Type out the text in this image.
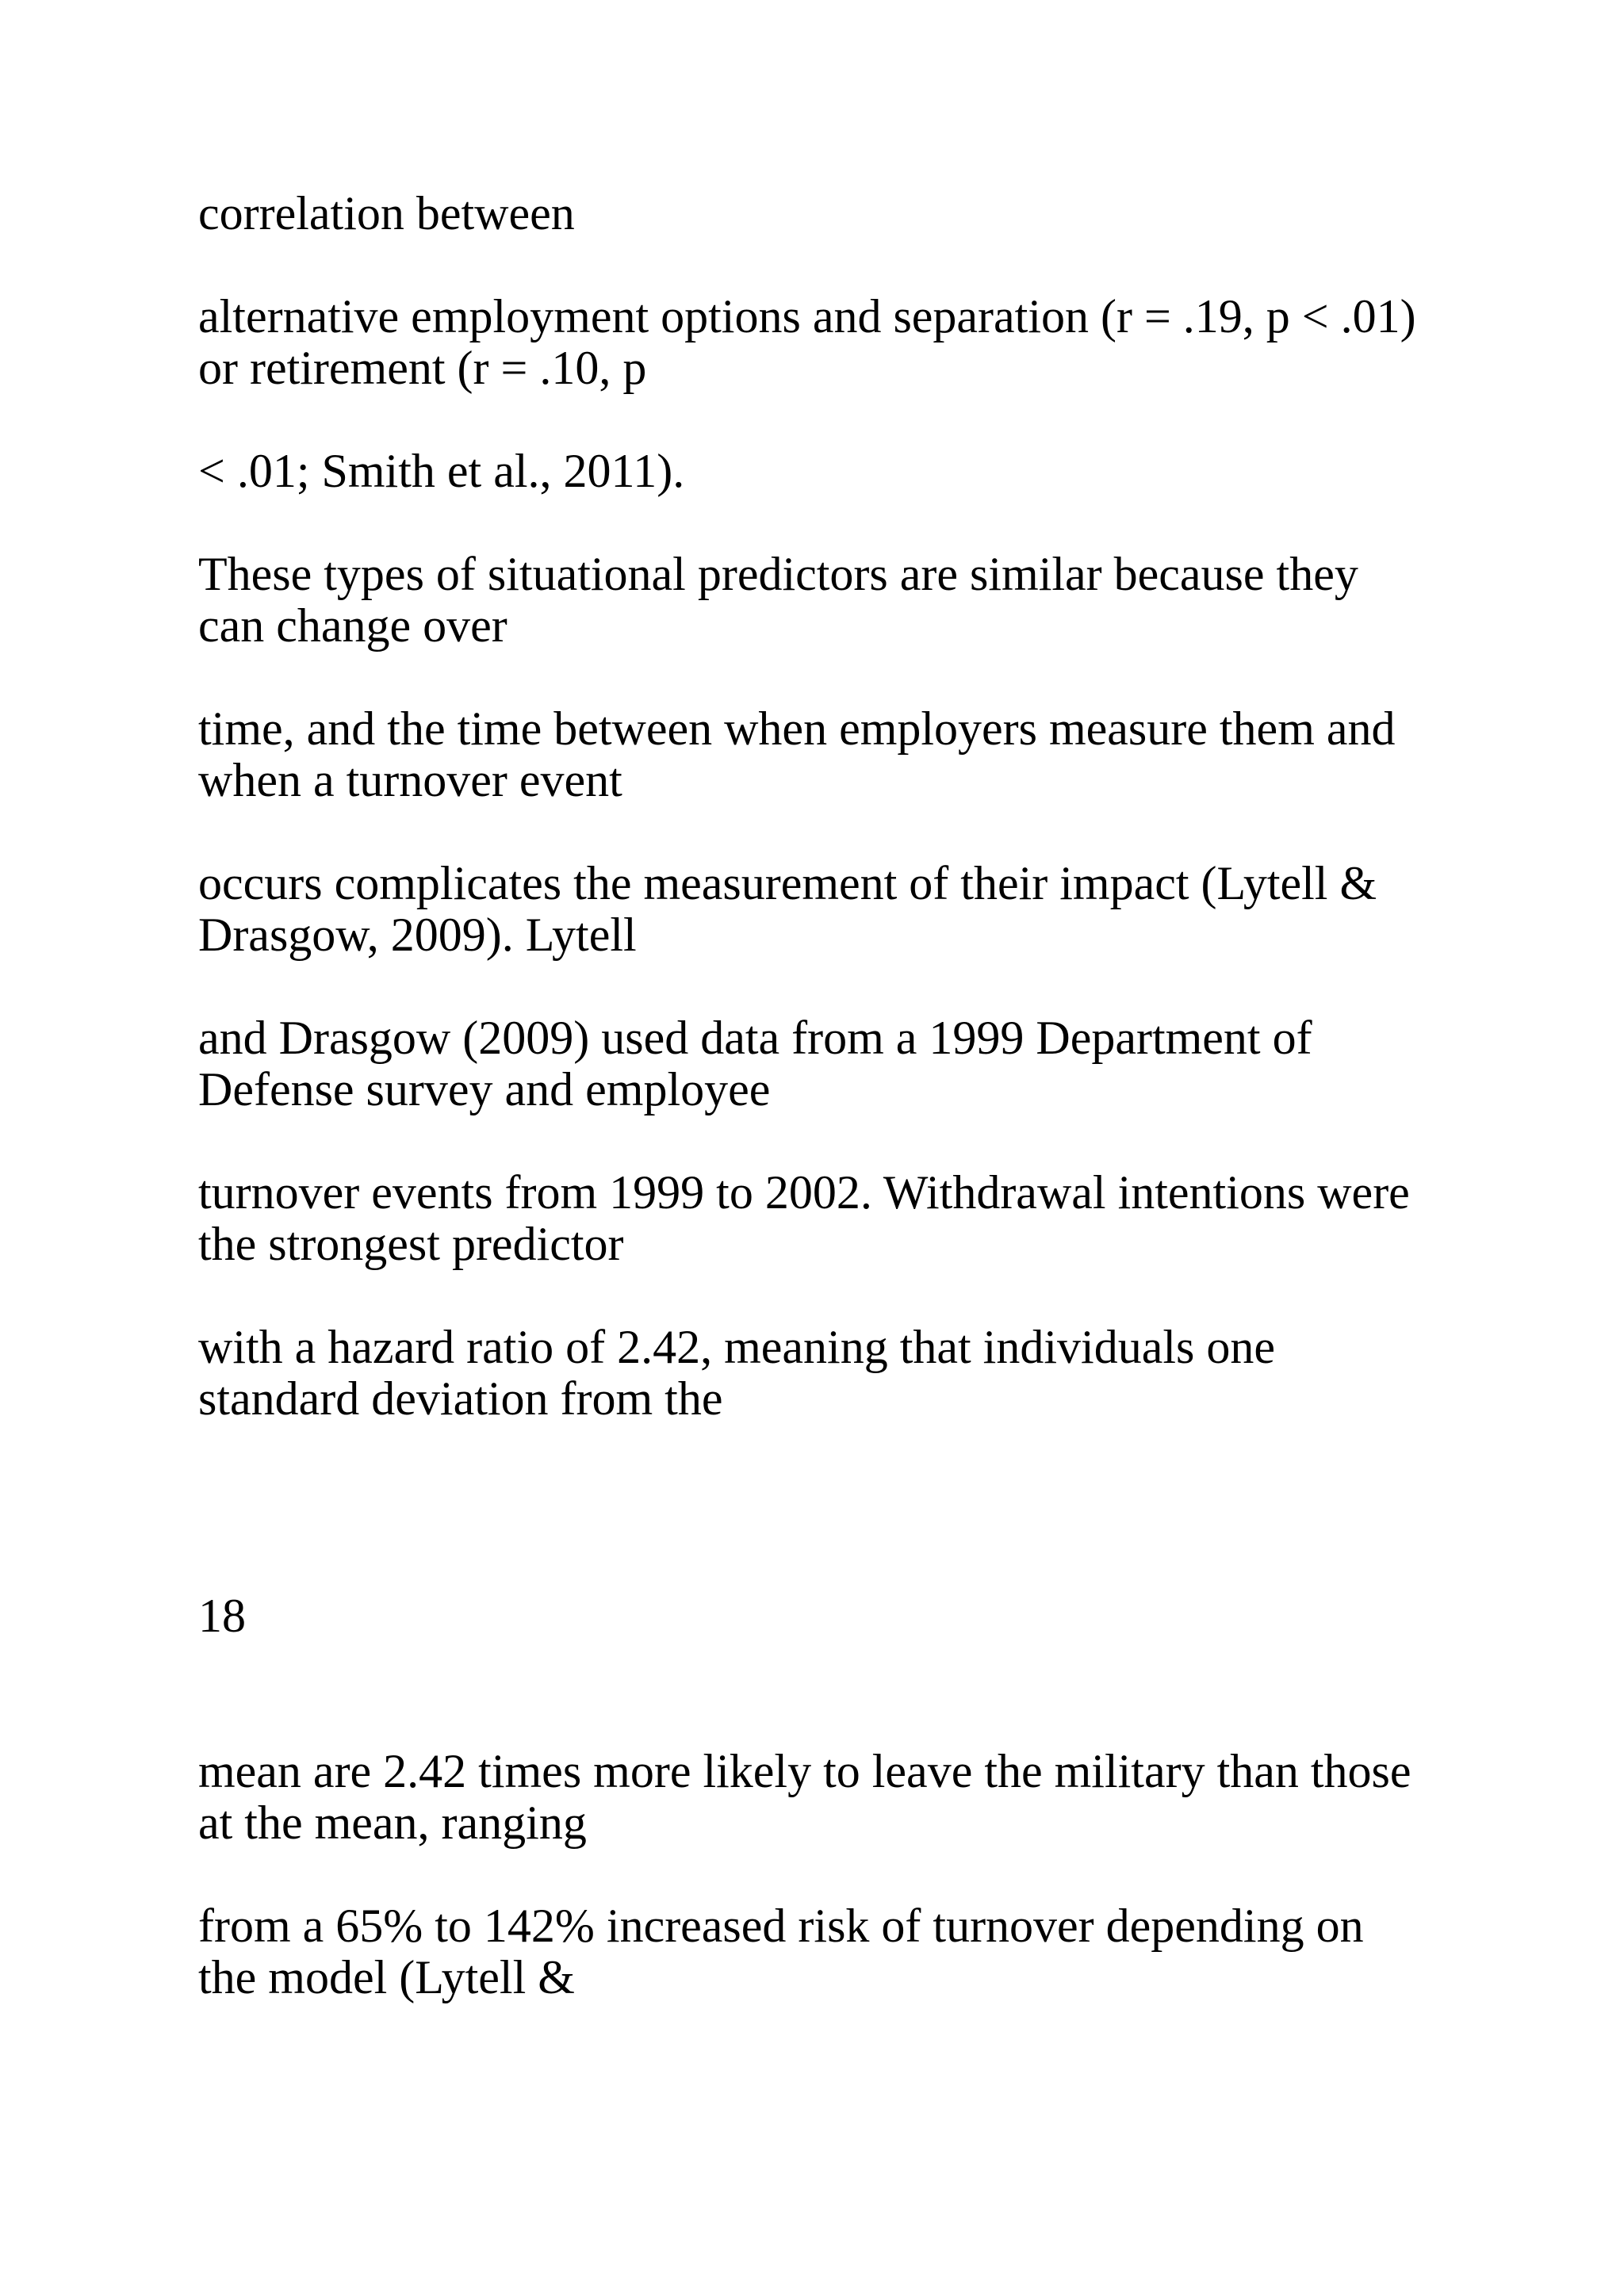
correlation between
alternative employment options and separation (r = .19, p < .01)
or retirement (r = .10, p
< .01; Smith et al., 2011).
These types of situational predictors are similar because they
can change over
time, and the time between when employers measure them and
when a turnover event
occurs complicates the measurement of their impact (Lytell &
Drasgow, 2009). Lytell
and Drasgow (2009) used data from a 1999 Department of
Defense survey and employee
turnover events from 1999 to 2002. Withdrawal intentions were
the strongest predictor
with a hazard ratio of 2.42, meaning that individuals one
standard deviation from the
18
mean are 2.42 times more likely to leave the military than those
at the mean, ranging
from a 65% to 142% increased risk of turnover depending on
the model (Lytell &
